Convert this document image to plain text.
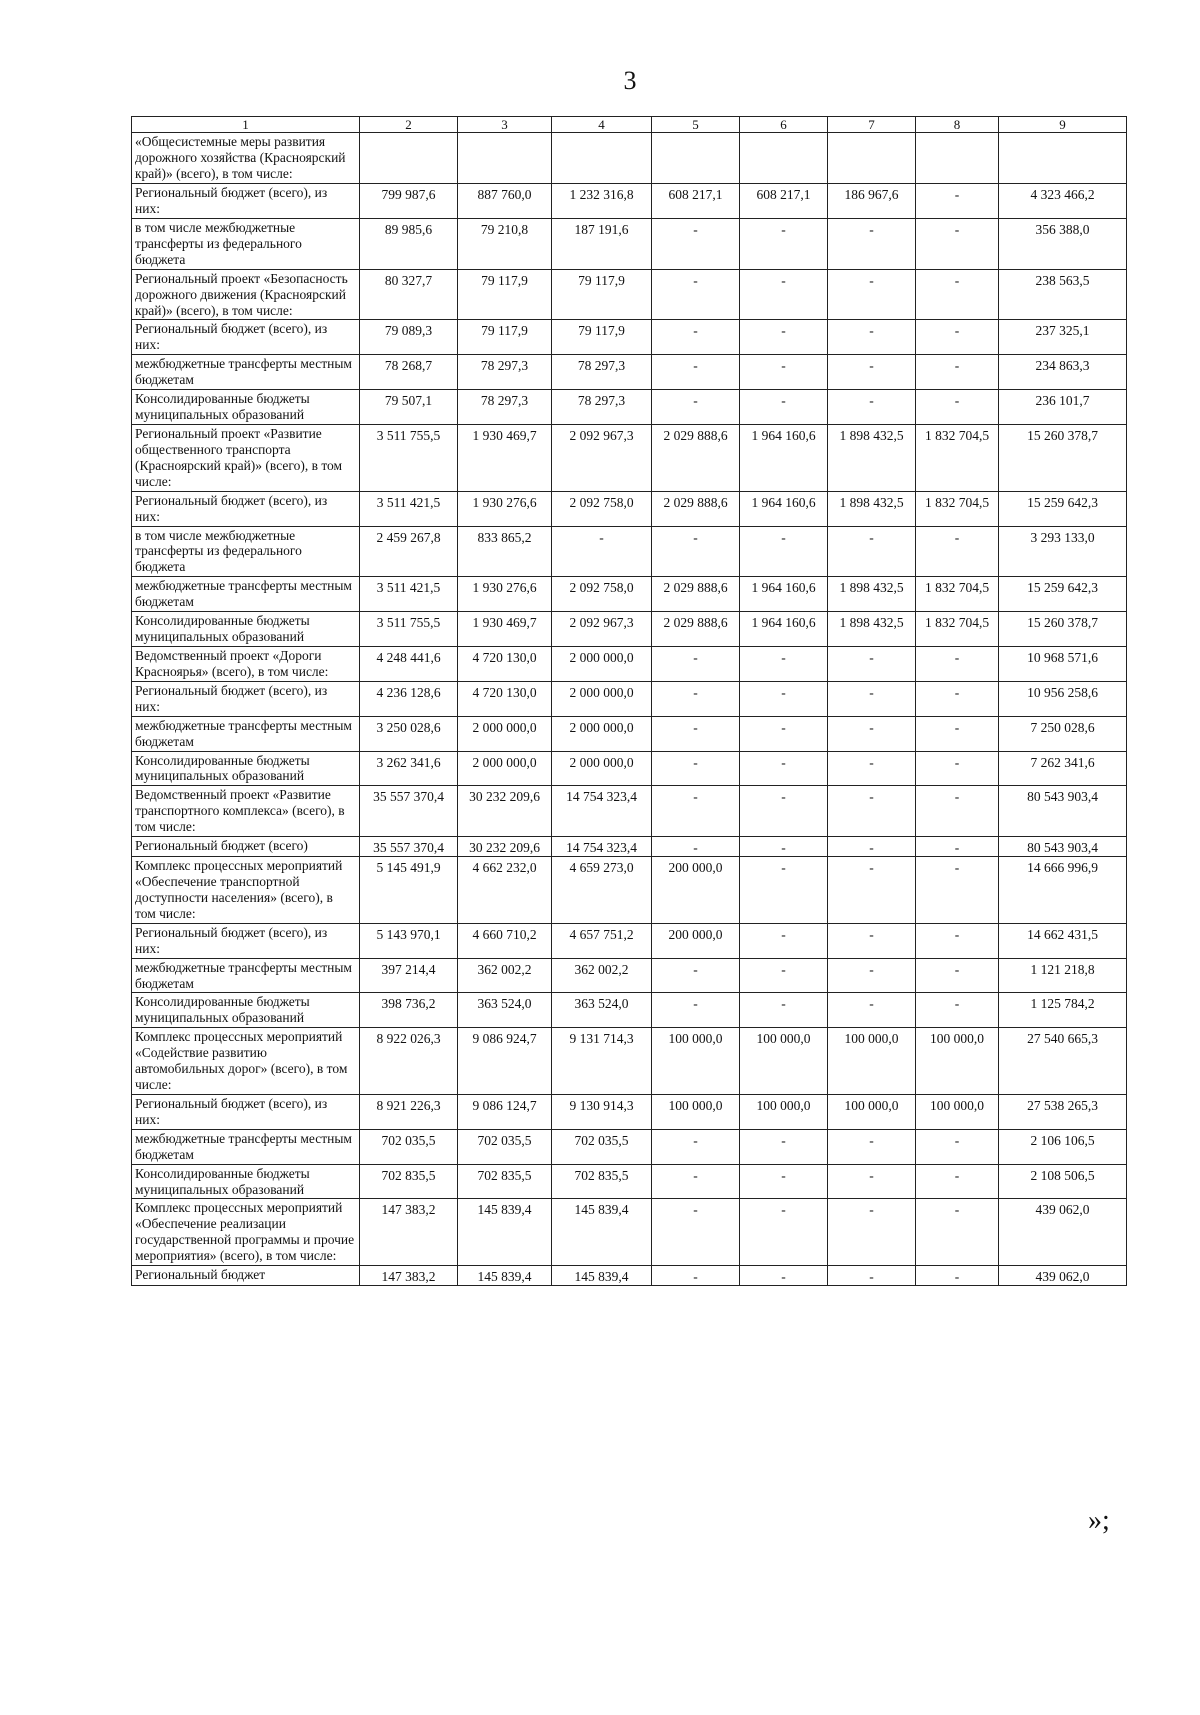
3
1	2	3	4	5	6	7	8	9
«Общесистемные меры развития дорожного хозяйства (Красноярский край)» (всего), в том числе:								
Региональный бюджет (всего), из них:	799 987,6	887 760,0	1 232 316,8	608 217,1	608 217,1	186 967,6	-	4 323 466,2
в том числе межбюджетные трансферты из федерального бюджета	89 985,6	79 210,8	187 191,6	-	-	-	-	356 388,0
Региональный проект «Безопасность дорожного движения (Красноярский край)» (всего), в том числе:	80 327,7	79 117,9	79 117,9	-	-	-	-	238 563,5
Региональный бюджет (всего), из них:	79 089,3	79 117,9	79 117,9	-	-	-	-	237 325,1
межбюджетные трансферты местным бюджетам	78 268,7	78 297,3	78 297,3	-	-	-	-	234 863,3
Консолидированные бюджеты муниципальных образований	79 507,1	78 297,3	78 297,3	-	-	-	-	236 101,7
Региональный проект «Развитие общественного транспорта (Красноярский край)» (всего), в том числе:	3 511 755,5	1 930 469,7	2 092 967,3	2 029 888,6	1 964 160,6	1 898 432,5	1 832 704,5	15 260 378,7
Региональный бюджет (всего), из них:	3 511 421,5	1 930 276,6	2 092 758,0	2 029 888,6	1 964 160,6	1 898 432,5	1 832 704,5	15 259 642,3
в том числе межбюджетные трансферты из федерального бюджета	2 459 267,8	833 865,2	-	-	-	-	-	3 293 133,0
межбюджетные трансферты местным бюджетам	3 511 421,5	1 930 276,6	2 092 758,0	2 029 888,6	1 964 160,6	1 898 432,5	1 832 704,5	15 259 642,3
Консолидированные бюджеты муниципальных образований	3 511 755,5	1 930 469,7	2 092 967,3	2 029 888,6	1 964 160,6	1 898 432,5	1 832 704,5	15 260 378,7
Ведомственный проект «Дороги Красноярья» (всего), в том числе:	4 248 441,6	4 720 130,0	2 000 000,0	-	-	-	-	10 968 571,6
Региональный бюджет (всего), из них:	4 236 128,6	4 720 130,0	2 000 000,0	-	-	-	-	10 956 258,6
межбюджетные трансферты местным бюджетам	3 250 028,6	2 000 000,0	2 000 000,0	-	-	-	-	7 250 028,6
Консолидированные бюджеты муниципальных образований	3 262 341,6	2 000 000,0	2 000 000,0	-	-	-	-	7 262 341,6
Ведомственный проект «Развитие транспортного комплекса» (всего), в том числе:	35 557 370,4	30 232 209,6	14 754 323,4	-	-	-	-	80 543 903,4
Региональный бюджет (всего)	35 557 370,4	30 232 209,6	14 754 323,4	-	-	-	-	80 543 903,4
Комплекс процессных мероприятий «Обеспечение транспортной доступности населения» (всего), в том числе:	5 145 491,9	4 662 232,0	4 659 273,0	200 000,0	-	-	-	14 666 996,9
Региональный бюджет (всего), из них:	5 143 970,1	4 660 710,2	4 657 751,2	200 000,0	-	-	-	14 662 431,5
межбюджетные трансферты местным бюджетам	397 214,4	362 002,2	362 002,2	-	-	-	-	1 121 218,8
Консолидированные бюджеты муниципальных образований	398 736,2	363 524,0	363 524,0	-	-	-	-	1 125 784,2
Комплекс процессных мероприятий «Содействие развитию автомобильных дорог» (всего), в том числе:	8 922 026,3	9 086 924,7	9 131 714,3	100 000,0	100 000,0	100 000,0	100 000,0	27 540 665,3
Региональный бюджет (всего), из них:	8 921 226,3	9 086 124,7	9 130 914,3	100 000,0	100 000,0	100 000,0	100 000,0	27 538 265,3
межбюджетные трансферты местным бюджетам	702 035,5	702 035,5	702 035,5	-	-	-	-	2 106 106,5
Консолидированные бюджеты муниципальных образований	702 835,5	702 835,5	702 835,5	-	-	-	-	2 108 506,5
Комплекс процессных мероприятий «Обеспечение реализации государственной программы и прочие мероприятия» (всего), в том числе:	147 383,2	145 839,4	145 839,4	-	-	-	-	439 062,0
Региональный бюджет	147 383,2	145 839,4	145 839,4	-	-	-	-	439 062,0
»;
